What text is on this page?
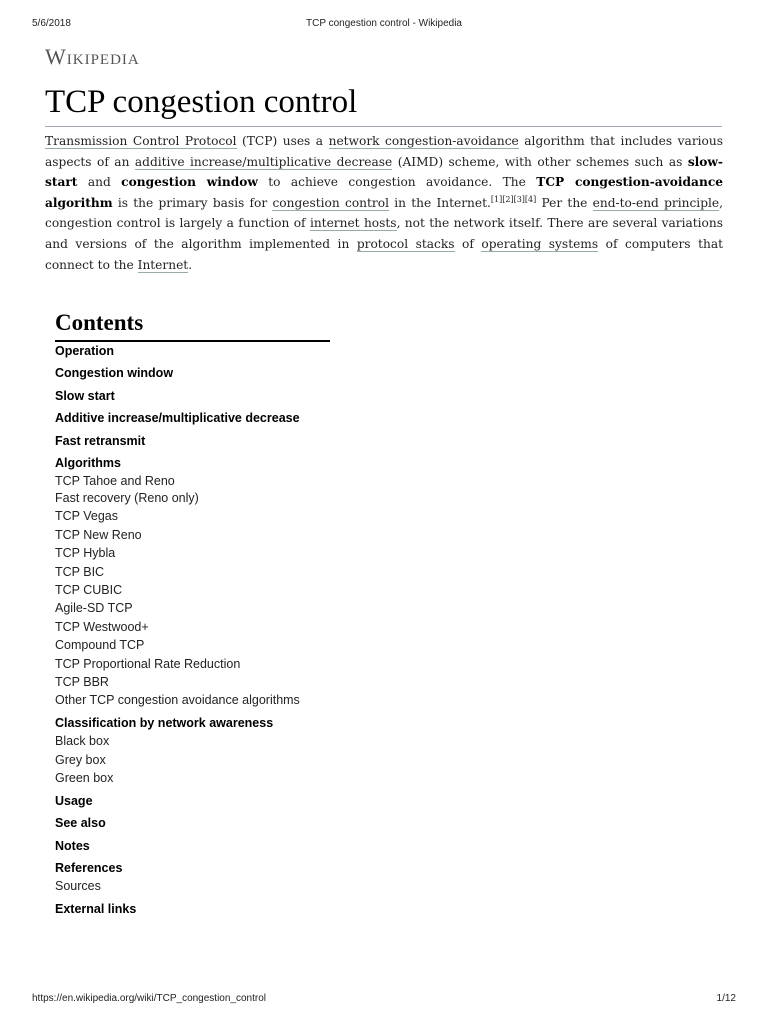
5/6/2018	TCP congestion control - Wikipedia
Wikipedia
TCP congestion control

Transmission Control Protocol (TCP) uses a network congestion-avoidance algorithm that includes various aspects of an additive increase/multiplicative decrease (AIMD) scheme, with other schemes such as slow-start and congestion window to achieve congestion avoidance. The TCP congestion-avoidance algorithm is the primary basis for congestion control in the Internet.[1][2][3][4] Per the end-to-end principle, congestion control is largely a function of internet hosts, not the network itself. There are several variations and versions of the algorithm implemented in protocol stacks of operating systems of computers that connect to the Internet.

Contents
Operation
Congestion window
Slow start
Additive increase/multiplicative decrease
Fast retransmit
Algorithms
TCP Tahoe and Reno
Fast recovery (Reno only)
TCP Vegas
TCP New Reno
TCP Hybla
TCP BIC
TCP CUBIC
Agile-SD TCP
TCP Westwood+
Compound TCP
TCP Proportional Rate Reduction
TCP BBR
Other TCP congestion avoidance algorithms
Classification by network awareness
Black box
Grey box
Green box
Usage
See also
Notes
References
Sources
External links
https://en.wikipedia.org/wiki/TCP_congestion_control	1/12
